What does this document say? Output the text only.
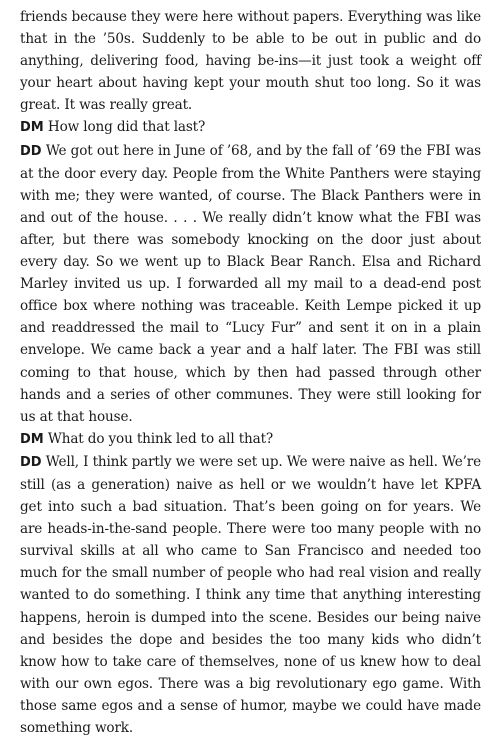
friends because they were here without papers. Everything was like that in the ’50s. Suddenly to be able to be out in public and do anything, delivering food, having be-ins—it just took a weight off your heart about having kept your mouth shut too long. So it was great. It was really great.

DM How long did that last?

DD We got out here in June of ’68, and by the fall of ’69 the FBI was at the door every day. People from the White Panthers were staying with me; they were wanted, of course. The Black Panthers were in and out of the house. . . . We really didn’t know what the FBI was after, but there was somebody knocking on the door just about every day. So we went up to Black Bear Ranch. Elsa and Richard Marley invited us up. I forwarded all my mail to a dead-end post office box where nothing was traceable. Keith Lempe picked it up and readdressed the mail to “Lucy Fur” and sent it on in a plain envelope. We came back a year and a half later. The FBI was still coming to that house, which by then had passed through other hands and a series of other communes. They were still looking for us at that house.

DM What do you think led to all that?

DD Well, I think partly we were set up. We were naive as hell. We’re still (as a generation) naive as hell or we wouldn’t have let KPFA get into such a bad situation. That’s been going on for years. We are heads-in-the-sand people. There were too many people with no survival skills at all who came to San Francisco and needed too much for the small number of people who had real vision and really wanted to do something. I think any time that anything interesting happens, heroin is dumped into the scene. Besides our being naive and besides the dope and besides the too many kids who didn’t know how to take care of themselves, none of us knew how to deal with our own egos. There was a big revolutionary ego game. With those same egos and a sense of humor, maybe we could have made something work.
